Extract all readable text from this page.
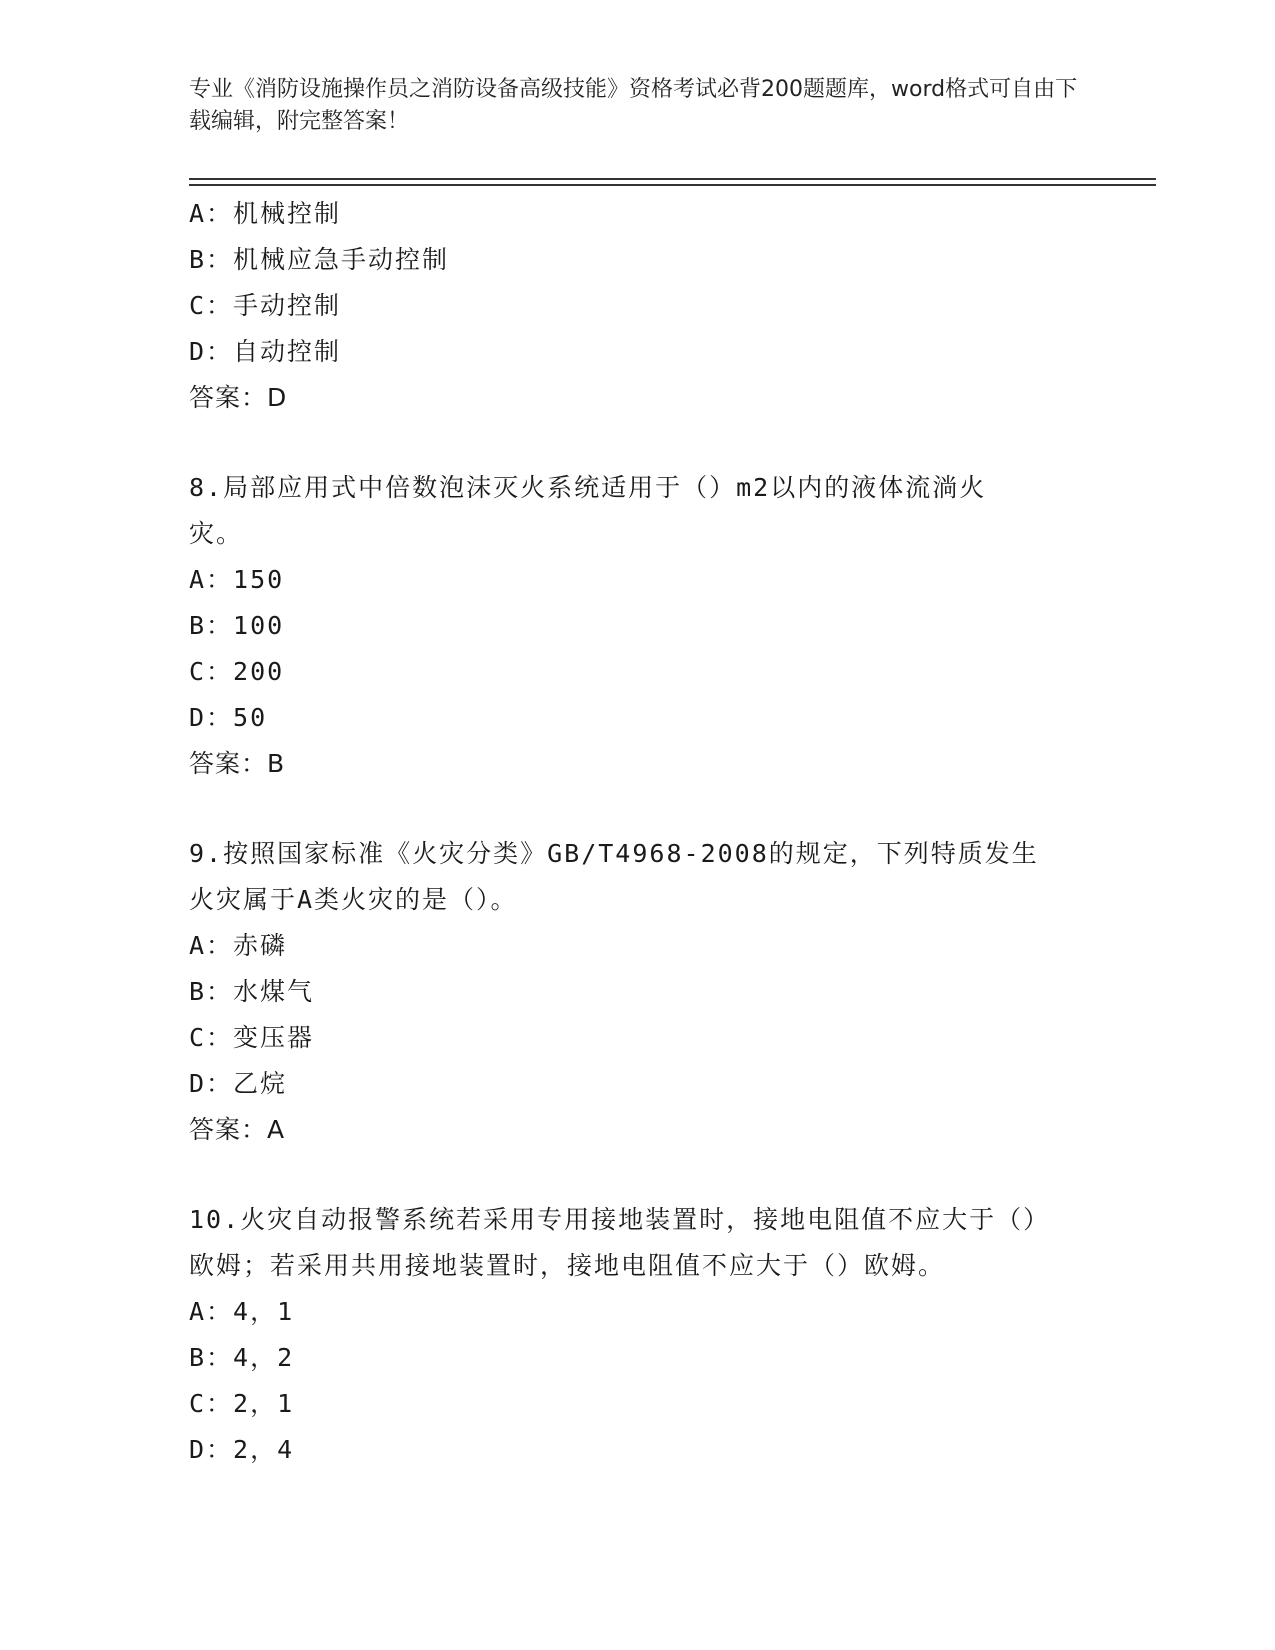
专业《消防设施操作员之消防设备高级技能》资格考试必背200题题库，word格式可自由下载编辑，附完整答案！
A：机械控制
B：机械应急手动控制
C：手动控制
D：自动控制
答案：D
8.局部应用式中倍数泡沫灭火系统适用于（）m2以内的液体流淌火灾。
A：150
B：100
C：200
D：50
答案：B
9.按照国家标准《火灾分类》GB/T4968-2008的规定，下列特质发生火灾属于A类火灾的是（）。
A：赤磷
B：水煤气
C：变压器
D：乙烷
答案：A
10.火灾自动报警系统若采用专用接地装置时，接地电阻值不应大于（）欧姆；若采用共用接地装置时，接地电阻值不应大于（）欧姆。
A：4，1
B：4，2
C：2，1
D：2，4
